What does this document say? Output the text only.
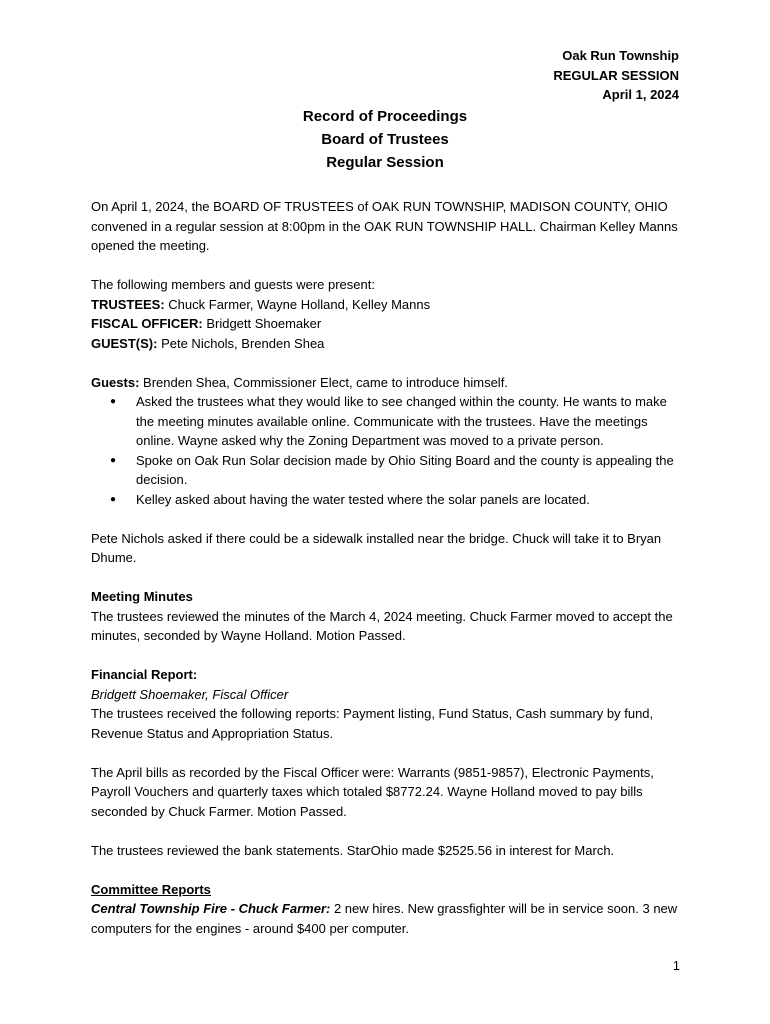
Oak Run Township
REGULAR SESSION
April 1, 2024
Record of Proceedings
Board of Trustees
Regular Session

On April 1, 2024, the BOARD OF TRUSTEES of OAK RUN TOWNSHIP, MADISON COUNTY, OHIO convened in a regular session at 8:00pm in the OAK RUN TOWNSHIP HALL. Chairman Kelley Manns opened the meeting.

The following members and guests were present:

TRUSTEES: Chuck Farmer, Wayne Holland, Kelley Manns

FISCAL OFFICER: Bridgett Shoemaker

GUEST(S): Pete Nichols, Brenden Shea

Guests: Brenden Shea, Commissioner Elect, came to introduce himself.

● Asked the trustees what they would like to see changed within the county. He wants to make the meeting minutes available online. Communicate with the trustees. Have the meetings online. Wayne asked why the Zoning Department was moved to a private person.
● Spoke on Oak Run Solar decision made by Ohio Siting Board and the county is appealing the decision.
● Kelley asked about having the water tested where the solar panels are located.

Pete Nichols asked if there could be a sidewalk installed near the bridge. Chuck will take it to Bryan Dhume.

Meeting Minutes

The trustees reviewed the minutes of the March 4, 2024 meeting. Chuck Farmer moved to accept the minutes, seconded by Wayne Holland. Motion Passed.

Financial Report:

Bridgett Shoemaker, Fiscal Officer

The trustees received the following reports: Payment listing, Fund Status, Cash summary by fund, Revenue Status and Appropriation Status.

The April bills as recorded by the Fiscal Officer were: Warrants (9851-9857), Electronic Payments, Payroll Vouchers and quarterly taxes which totaled $8772.24. Wayne Holland moved to pay bills seconded by Chuck Farmer. Motion Passed.

The trustees reviewed the bank statements. StarOhio made $2525.56 in interest for March.

Committee Reports

Central Township Fire - Chuck Farmer: 2 new hires. New grassfighter will be in service soon. 3 new computers for the engines - around $400 per computer.

1
